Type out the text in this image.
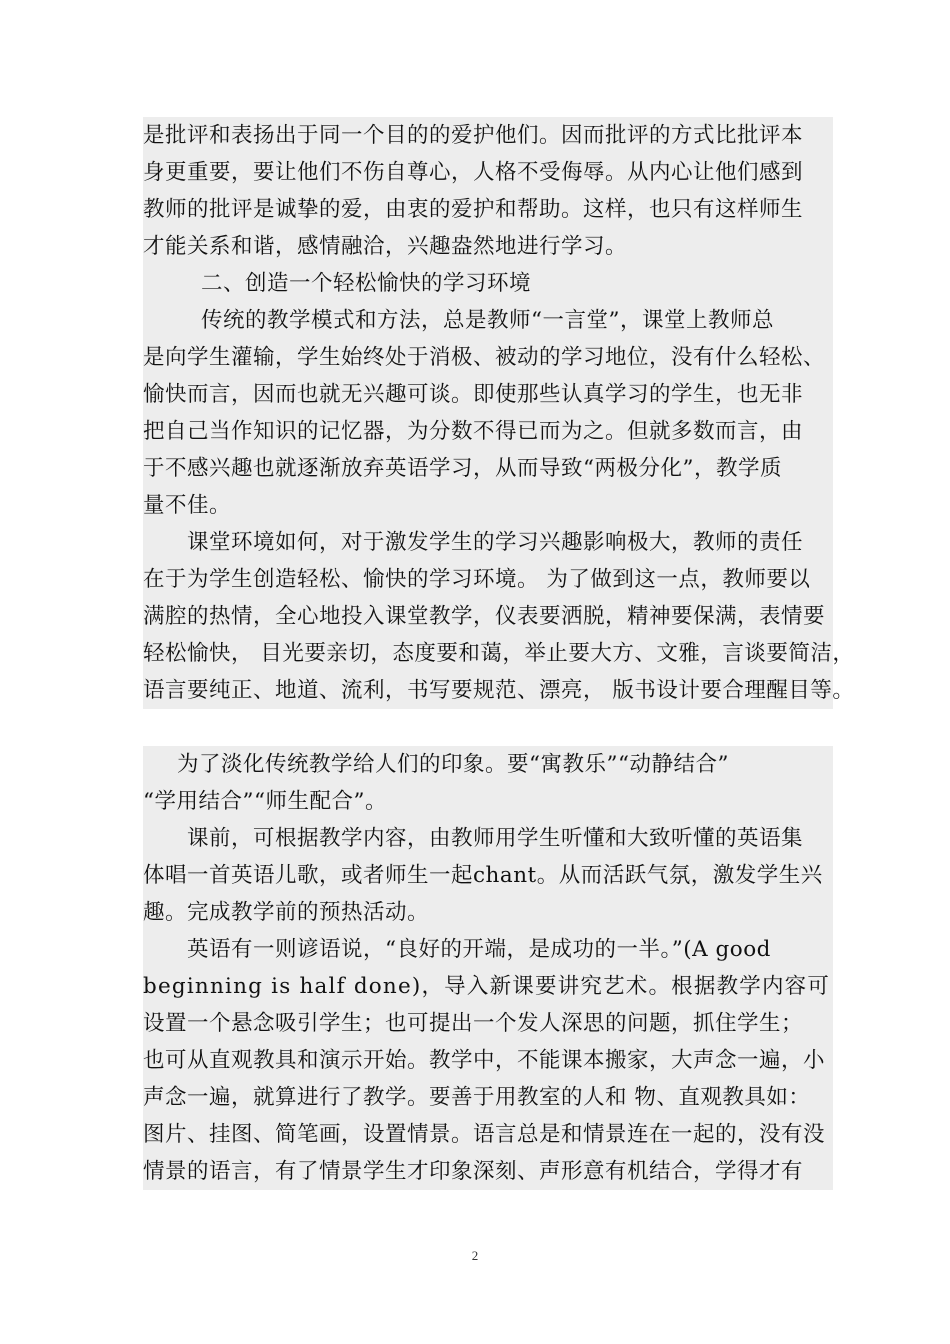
是批评和表扬出于同一个目的的爱护他们。因而批评的方式比批评本
身更重要，要让他们不伤自尊心，人格不受侮辱。从内心让他们感到
教师的批评是诚挚的爱，由衷的爱护和帮助。这样，也只有这样师生
才能关系和谐，感情融洽，兴趣盎然地进行学习。
二、创造一个轻松愉快的学习环境
传统的教学模式和方法，总是教师“一言堂”，课堂上教师总
是向学生灌输，学生始终处于消极、被动的学习地位，没有什么轻松、
愉快而言，因而也就无兴趣可谈。即使那些认真学习的学生，也无非
把自己当作知识的记忆器，为分数不得已而为之。但就多数而言，由
于不感兴趣也就逐渐放弃英语学习，从而导致“两极分化”，教学质
量不佳。
课堂环境如何，对于激发学生的学习兴趣影响极大，教师的责任
在于为学生创造轻松、愉快的学习环境。 为了做到这一点，教师要以
满腔的热情，全心地投入课堂教学，仪表要洒脱，精神要保满，表情要
轻松愉快， 目光要亲切，态度要和蔼，举止要大方、文雅，言谈要简洁，
语言要纯正、地道、流利，书写要规范、漂亮， 版书设计要合理醒目等。
为了淡化传统教学给人们的印象。要“寓教乐”“动静结合”
“学用结合”“师生配合”。
课前，可根据教学内容，由教师用学生听懂和大致听懂的英语集
体唱一首英语儿歌，或者师生一起chant。从而活跃气氛，激发学生兴
趣。完成教学前的预热活动。
英语有一则谚语说，“良好的开端，是成功的一半。”(A good
beginning is half done)，导入新课要讲究艺术。根据教学内容可
设置一个悬念吸引学生；也可提出一个发人深思的问题，抓住学生；
也可从直观教具和演示开始。教学中，不能课本搬家，大声念一遍，小
声念一遍，就算进行了教学。要善于用教室的人和 物、直观教具如：
图片、挂图、简笔画，设置情景。语言总是和情景连在一起的，没有没
情景的语言，有了情景学生才印象深刻、声形意有机结合，学得才有
2
